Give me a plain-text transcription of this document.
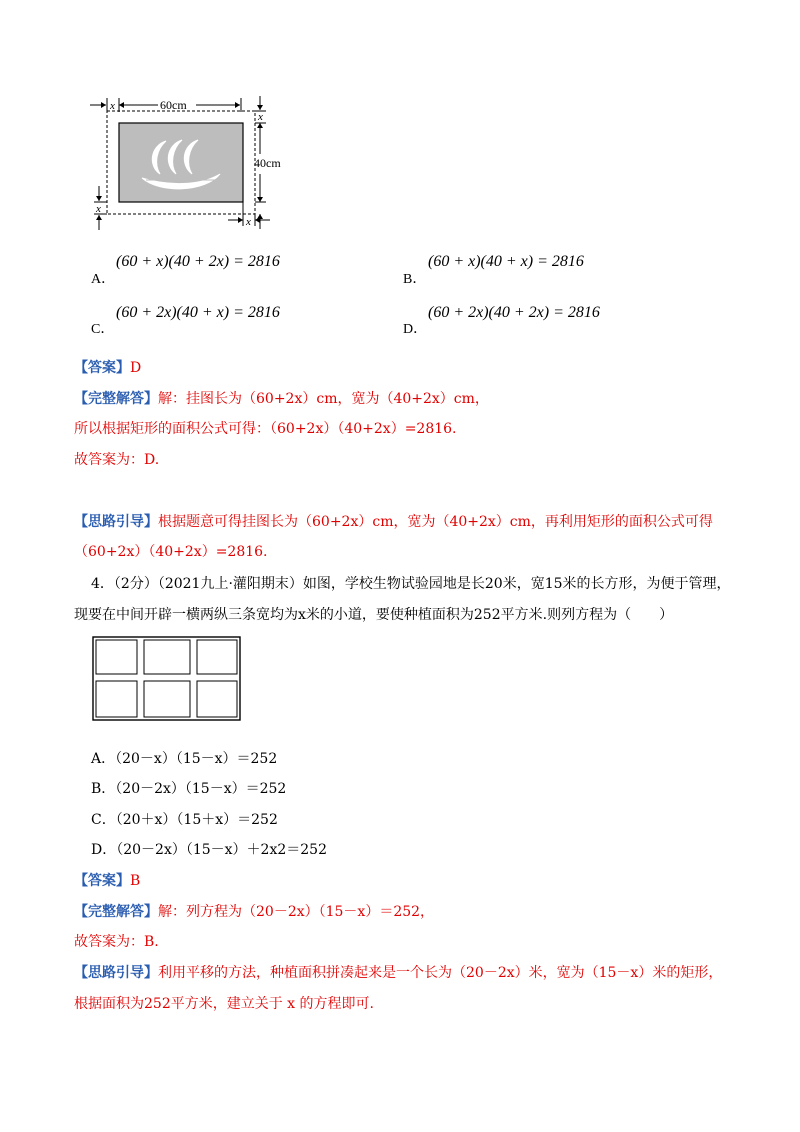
x	60cm
x
40cm
x
x
A．
(60 + x)(40 + 2x) = 2816
B．
(60 + x)(40 + x) = 2816
C．
(60 + 2x)(40 + x) = 2816
D．
(60 + 2x)(40 + 2x) = 2816
【答案】D
【完整解答】解：挂图长为（60+2x）cm，宽为（40+2x）cm，
所以根据矩形的面积公式可得：（60+2x）（40+2x）=2816.
故答案为：D.
【思路引导】根据题意可得挂图长为（60+2x）cm，宽为（40+2x）cm，再利用矩形的面积公式可得
（60+2x）（40+2x）=2816.
4．（2分）（2021九上·灌阳期末）如图，学校生物试验园地是长20米，宽15米的长方形，为便于管理，
现要在中间开辟一横两纵三条宽均为x米的小道，要使种植面积为252平方米.则列方程为（　　）
A．（20－x）（15－x）＝252
B．（20－2x）（15－x）＝252
C．（20＋x）（15＋x）＝252
D．（20－2x）（15－x）＋2x2＝252
【答案】B
【完整解答】解：列方程为（20－2x）（15－x）＝252，
故答案为：B.
【思路引导】利用平移的方法，种植面积拼凑起来是一个长为（20－2x）米，宽为（15－x）米的矩形，
根据面积为252平方米，建立关于 x 的方程即可.
